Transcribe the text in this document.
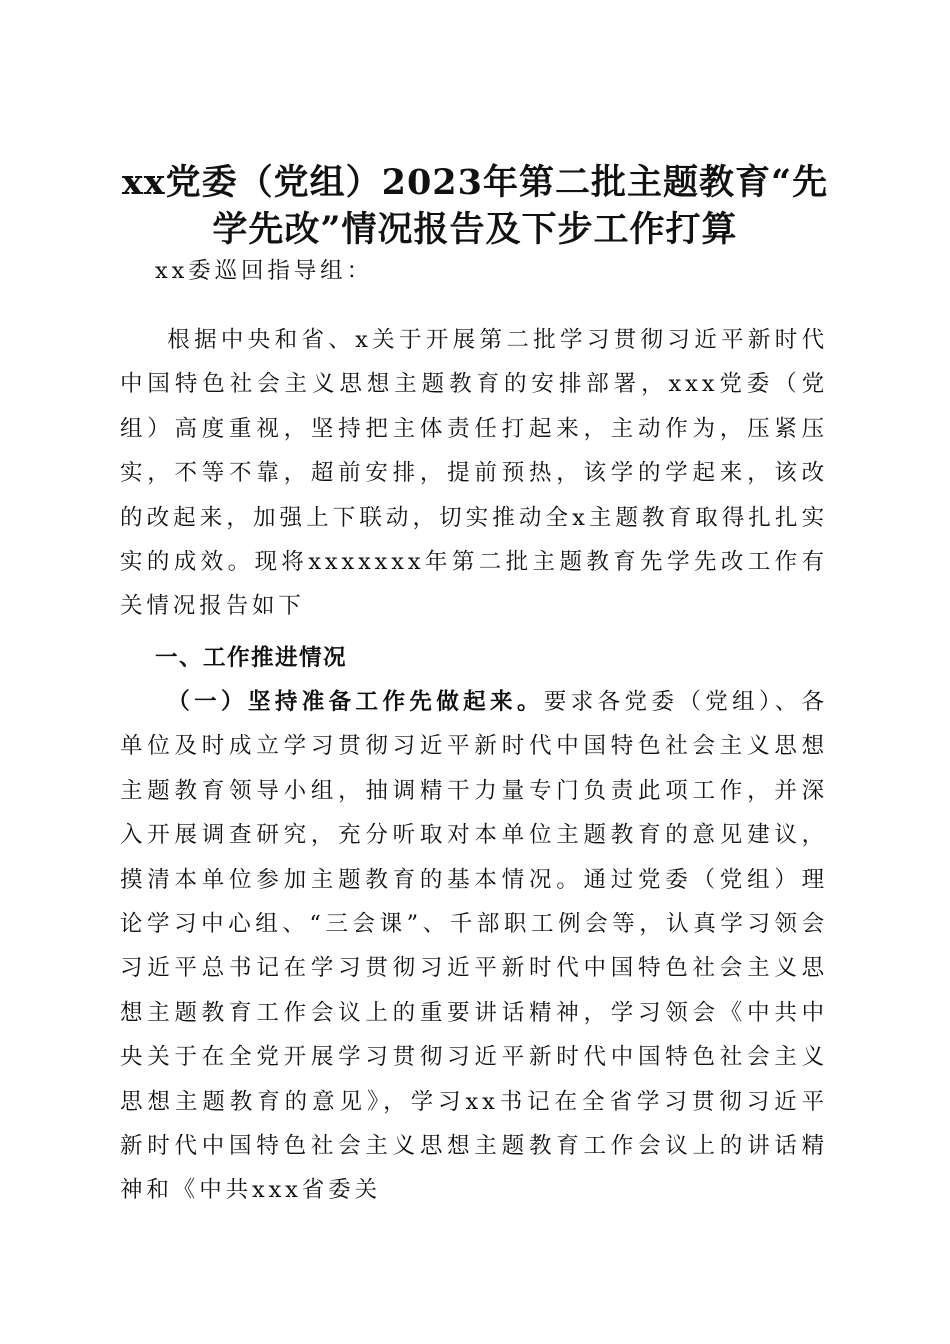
xx党委（党组）2023年第二批主题教育“先
学先改”情况报告及下步工作打算
xx委巡回指导组：

根据中央和省、x关于开展第二批学习贯彻习近平新时代中国特色社会主义思想主题教育的安排部署，xxx党委（党组）高度重视，坚持把主体责任打起来，主动作为，压紧压实，不等不靠，超前安排，提前预热，该学的学起来，该改的改起来，加强上下联动，切实推动全x主题教育取得扎扎实实的成效。现将xxxxxxx年第二批主题教育先学先改工作有关情况报告如下

一、工作推进情况

（一）坚持准备工作先做起来。要求各党委（党组）、各单位及时成立学习贯彻习近平新时代中国特色社会主义思想主题教育领导小组，抽调精干力量专门负责此项工作，并深入开展调查研究，充分听取对本单位主题教育的意见建议，摸清本单位参加主题教育的基本情况。通过党委（党组）理论学习中心组、“三会课”、千部职工例会等，认真学习领会习近平总书记在学习贯彻习近平新时代中国特色社会主义思想主题教育工作会议上的重要讲话精神，学习领会《中共中央关于在全党开展学习贯彻习近平新时代中国特色社会主义思想主题教育的意见》，学习xx书记在全省学习贯彻习近平新时代中国特色社会主义思想主题教育工作会议上的讲话精神和《中共xxx省委关
